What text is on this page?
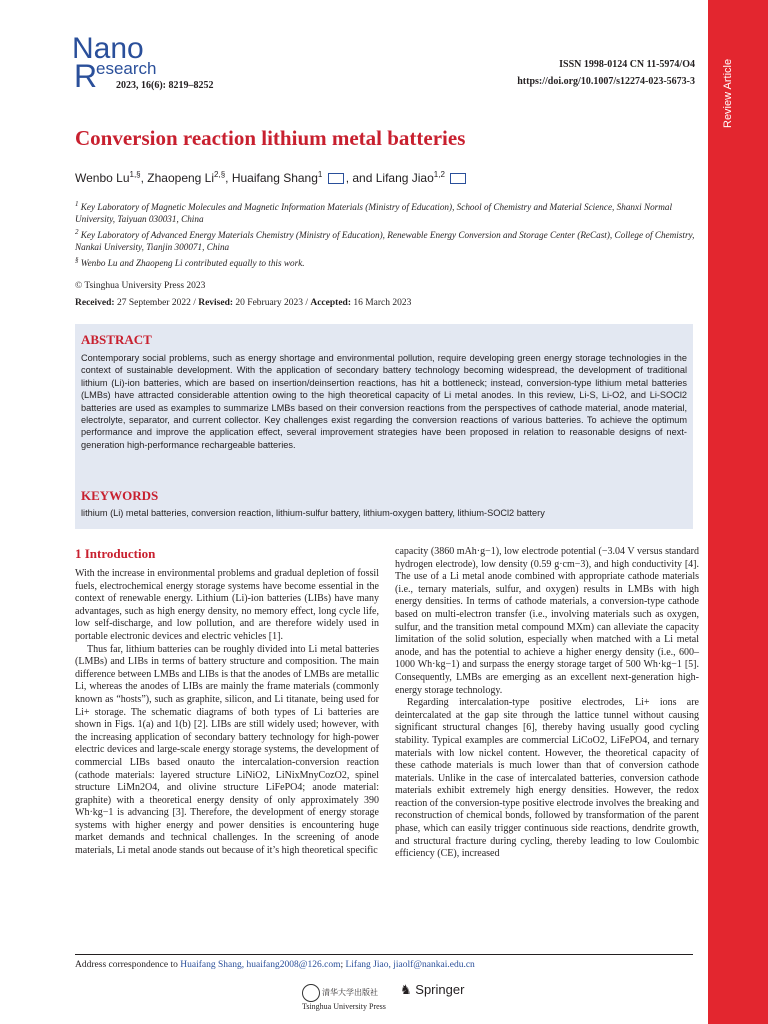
Review Article
Nano
R
esearch
2023, 16(6): 8219–8252
ISSN 1998-0124 CN 11-5974/O4
https://doi.org/10.1007/s12274-023-5673-3
Conversion reaction lithium metal batteries
Wenbo $Lu^{1,\S}$, Zhaopeng $Li^{2,\S}$, Huaifang Shang$^1$ , and Lifang Jiao$^{1,2}$
$^1$ Key Laboratory of Magnetic Molecules and Magnetic Information Materials (Ministry of Education), School of Chemistry and Material Science, Shanxi Normal University, Taiyuan 030031, China
$^2$ Key Laboratory of Advanced Energy Materials Chemistry (Ministry of Education), Renewable Energy Conversion and Storage Center (ReCast), College of Chemistry, Nankai University, Tianjin 300071, China
§ Wenbo Lu and Zhaopeng Li contributed equally to this work.
© Tsinghua University Press 2023
Received: 27 September 2022 / Revised: 20 February 2023 / Accepted: 16 March 2023
ABSTRACT
Contemporary social problems, such as energy shortage and environmental pollution, require developing green energy storage technologies in the context of sustainable development. With the application of secondary battery technology becoming widespread, the development of traditional lithium (Li)-ion batteries, which are based on insertion/deinsertion reactions, has hit a bottleneck; instead, conversion-type lithium metal batteries (LMBs) have attracted considerable attention owing to the high theoretical capacity of Li metal anodes. In this review, Li-S, Li-O2, and Li-SOCl2 batteries are used as examples to summarize LMBs based on their conversion reactions from the perspectives of cathode material, anode material, electrolyte, separator, and current collector. Key challenges exist regarding the conversion reactions of various batteries. To achieve the optimum performance and improve the application effect, several improvement strategies have been proposed in relation to reasonable designs of next-generation high-performance rechargeable batteries.
KEYWORDS
lithium (Li) metal batteries, conversion reaction, lithium-sulfur battery, lithium-oxygen battery, lithium-SOCl2 battery
1 Introduction

With the increase in environmental problems and gradual depletion of fossil fuels, electrochemical energy storage systems have become essential in the context of renewable energy. Lithium (Li)-ion batteries (LIBs) have many advantages, such as high energy density, no memory effect, long cycle life, low self-discharge, and low pollution, and are therefore widely used in portable electronic devices and electric vehicles [1].

Thus far, lithium batteries can be roughly divided into Li metal batteries (LMBs) and LIBs in terms of battery structure and composition. The main difference between LMBs and LIBs is that the anodes of LMBs are metallic Li, whereas the anodes of LIBs are mainly the frame materials (commonly known as “hosts”), such as graphite, silicon, and Li titanate, being used for Li+ storage. The schematic diagrams of both types of Li batteries are shown in Figs. 1(a) and 1(b) [2]. LIBs are still widely used; however, with the increasing application of secondary battery technology for high-power electric devices and large-scale energy storage systems, the development of commercial LIBs based onauto the intercalation-conversion reaction (cathode materials: layered structure LiNiO2, LiNixMnyCozO2, spinel structure LiMn2O4, and olivine structure LiFePO4; anode material: graphite) with a theoretical energy density of only approximately 390 Wh·kg−1 is advancing [3]. Therefore, the development of energy storage systems with higher energy and power densities is encountering huge market demands and technical challenges. In the screening of anode materials, Li metal anode stands out because of it’s high theoretical specific

capacity (3860 mAh·g−1), low electrode potential (−3.04 V versus standard hydrogen electrode), low density (0.59 g·cm−3), and high conductivity [4]. The use of a Li metal anode combined with appropriate cathode materials (i.e., ternary materials, sulfur, and oxygen) results in LMBs with high energy densities. In terms of cathode materials, a conversion-type cathode based on multi-electron transfer (i.e., involving materials such as oxygen, sulfur, and the transition metal compound MXm) can alleviate the capacity limitation of the solid solution, especially when matched with a Li metal anode, and has the potential to achieve a higher energy density (i.e., 600–1000 Wh·kg−1) and surpass the energy storage target of 500 Wh·kg−1 [5]. Consequently, LMBs are emerging as an excellent next-generation high-energy storage technology.

Regarding intercalation-type positive electrodes, Li+ ions are deintercalated at the gap site through the lattice tunnel without causing significant structural changes [6], thereby having usually good cycling stability. Typical examples are commercial LiCoO2, LiFePO4, and ternary materials with low nickel content. However, the theoretical capacity of these cathode materials is much lower than that of conversion cathode materials. Unlike in the case of intercalated batteries, conversion cathode materials exhibit extremely high energy densities. However, the redox reaction of the conversion-type positive electrode involves the breaking and reconstruction of chemical bonds, followed by transformation of the parent phase, which can easily trigger continuous side reactions, dendrite growth, and structural fracture during cycling, thereby leading to low Coulombic efficiency (CE), increased

Address correspondence to Huaifang Shang, huaifang2008@126.com; Lifang Jiao, jiaolf@nankai.edu.cn
清华大学出版社 Tsinghua University Press
♞ Springer
